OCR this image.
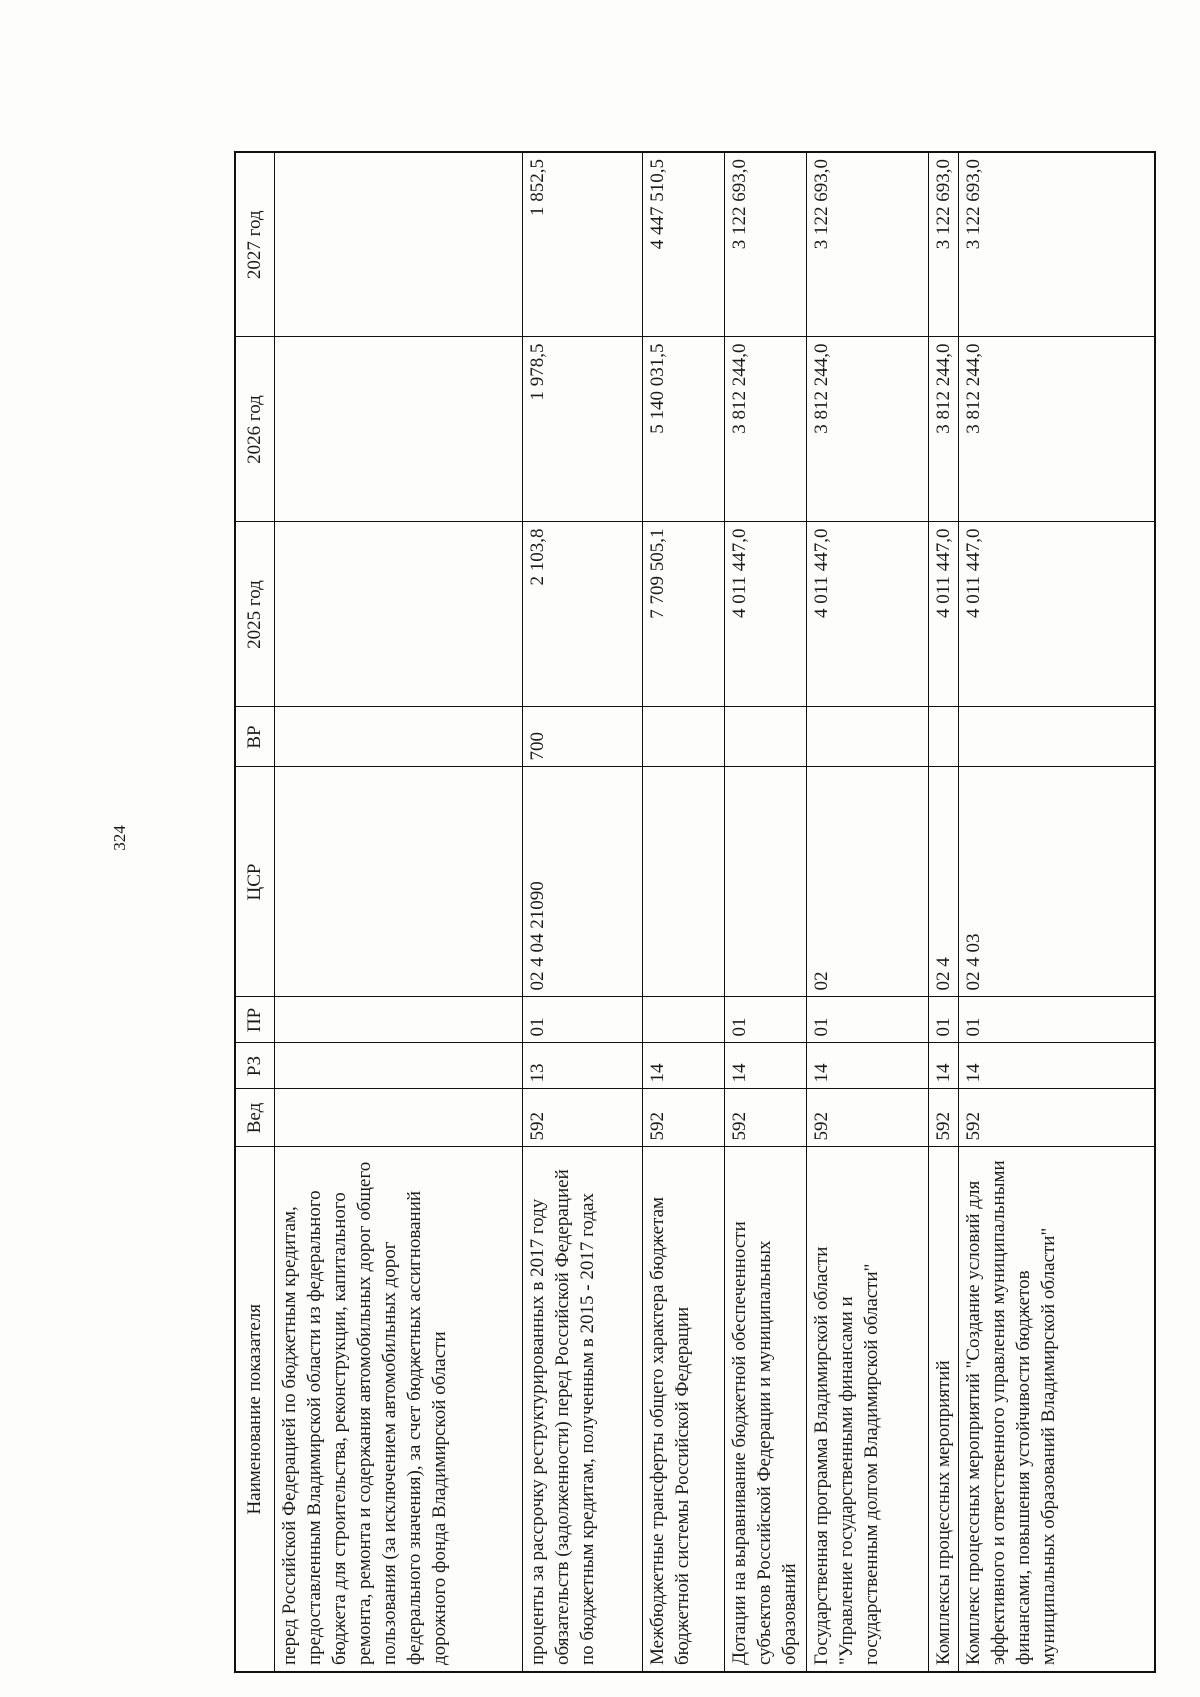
324
Наименование показателя	Вед	РЗ	ПР	ЦСР	ВР	2025 год	2026 год	2027 год
перед Российской Федерацией по бюджетным кредитам, предоставленным Владимирской области из федерального бюджета для строительства, реконструкции, капитального ремонта, ремонта и содержания автомобильных дорог общего пользования (за исключением автомобильных дорог федерального значения), за счет бюджетных ассигнований дорожного фонда Владимирской области								
проценты за рассрочку реструктурированных в 2017 году обязательств (задолженности) перед Российской Федерацией по бюджетным кредитам, полученным в 2015 - 2017 годах	592	13	01	02 4 04 21090	700	2 103,8	1 978,5	1 852,5
Межбюджетные трансферты общего характера бюджетам бюджетной системы Российской Федерации	592	14				7 709 505,1	5 140 031,5	4 447 510,5
Дотации на выравнивание бюджетной обеспеченности субъектов Российской Федерации и муниципальных образований	592	14	01			4 011 447,0	3 812 244,0	3 122 693,0
Государственная программа Владимирской области "Управление государственными финансами и государственным долгом Владимирской области"	592	14	01	02		4 011 447,0	3 812 244,0	3 122 693,0
Комплексы процессных мероприятий	592	14	01	02 4		4 011 447,0	3 812 244,0	3 122 693,0
Комплекс процессных мероприятий "Создание условий для эффективного и ответственного управления муниципальными финансами, повышения устойчивости бюджетов муниципальных образований Владимирской области"	592	14	01	02 4 03		4 011 447,0	3 812 244,0	3 122 693,0
